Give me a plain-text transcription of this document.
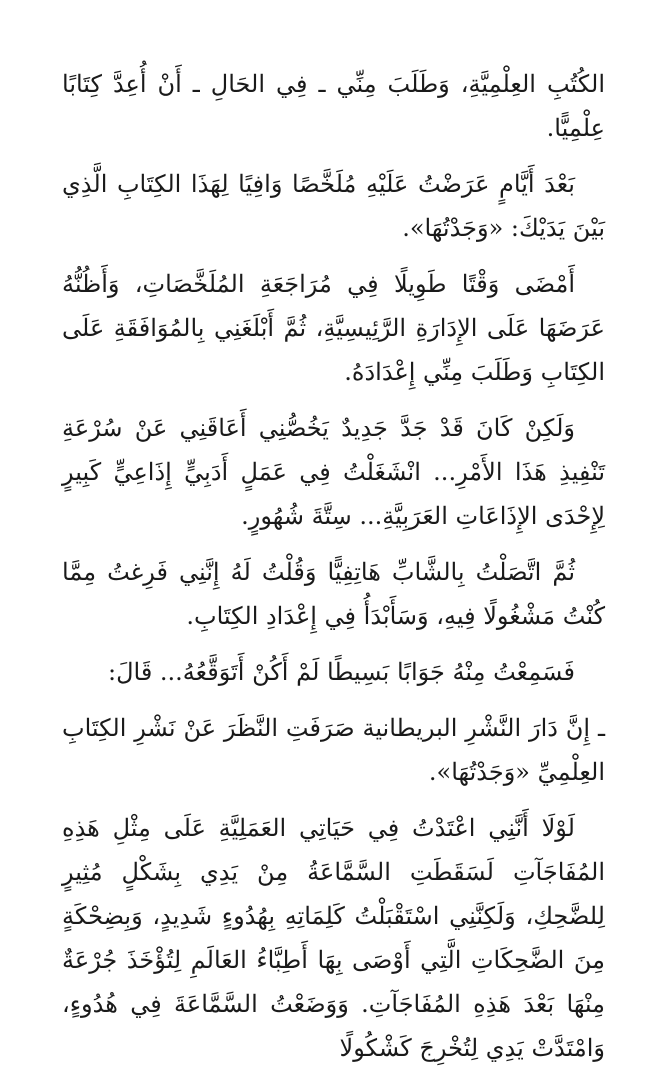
الكُتُبِ العِلْمِيَّةِ، وَطَلَبَ مِنِّي ـ فِي الحَالِ ـ أَنْ أُعِدَّ كِتَابًا عِلْمِيًّا.

بَعْدَ أَيَّامٍ عَرَضْتُ عَلَيْهِ مُلَخَّصًا وَافِيًا لِهَذَا الكِتَابِ الَّذِي بَيْنَ يَدَيْكَ: «وَجَدْتُهَا».

أَمْضَى وَقْتًا طَوِيلًا فِي مُرَاجَعَةِ المُلَخَّصَاتِ، وَأَظُنُّهُ عَرَضَهَا عَلَى الإِدَارَةِ الرَّئِيسِيَّةِ، ثُمَّ أَبْلَغَنِي بِالمُوَافَقَةِ عَلَى الكِتَابِ وَطَلَبَ مِنِّي إِعْدَادَهُ.

وَلَكِنْ كَانَ قَدْ جَدَّ جَدِيدٌ يَخُصُّنِي أَعَاقَنِي عَنْ سُرْعَةِ تَنْفِيذِ هَذَا الأَمْرِ... انْشَغَلْتُ فِي عَمَلٍ أَدَبِيٍّ إِذَاعِيٍّ كَبِيرٍ لِإِحْدَى الإِذَاعَاتِ العَرَبِيَّةِ... سِتَّةَ شُهُورٍ.

ثُمَّ اتَّصَلْتُ بِالشَّابِّ هَاتِفِيًّا وَقُلْتُ لَهُ إِنَّنِي فَرِغتُ مِمَّا كُنْتُ مَشْغُولًا فِيهِ، وَسَأَبْدَأُ فِي إِعْدَادِ الكِتَابِ.

فَسَمِعْتُ مِنْهُ جَوَابًا بَسِيطًا لَمْ أَكُنْ أَتَوَقَّعُهُ... قَالَ:

ـ إِنَّ دَارَ النَّشْرِ البريطانية صَرَفَتِ النَّظَرَ عَنْ نَشْرِ الكِتَابِ العِلْمِيِّ «وَجَدْتُهَا».

لَوْلَا أَنَّنِي اعْتَدْتُ فِي حَيَاتِي العَمَلِيَّةِ عَلَى مِثْلِ هَذِهِ المُفَاجَآتِ لَسَقَطَتِ السَّمَّاعَةُ مِنْ يَدِي بِشَكْلٍ مُثِيرٍ لِلضَّحِكِ، وَلَكِنَّنِي اسْتَقْبَلْتُ كَلِمَاتِهِ بِهُدُوءٍ شَدِيدٍ، وَبِضِحْكَةٍ مِنَ الضَّحِكَاتِ الَّتِي أَوْصَى بِهَا أَطِبَّاءُ العَالَمِ لِتُؤْخَذَ جُرْعَةٌ مِنْهَا بَعْدَ هَذِهِ المُفَاجَآتِ. وَوَضَعْتُ السَّمَّاعَةَ فِي هُدُوءٍ، وَامْتَدَّتْ يَدِي لِتُخْرِجَ كَشْكُولًا
